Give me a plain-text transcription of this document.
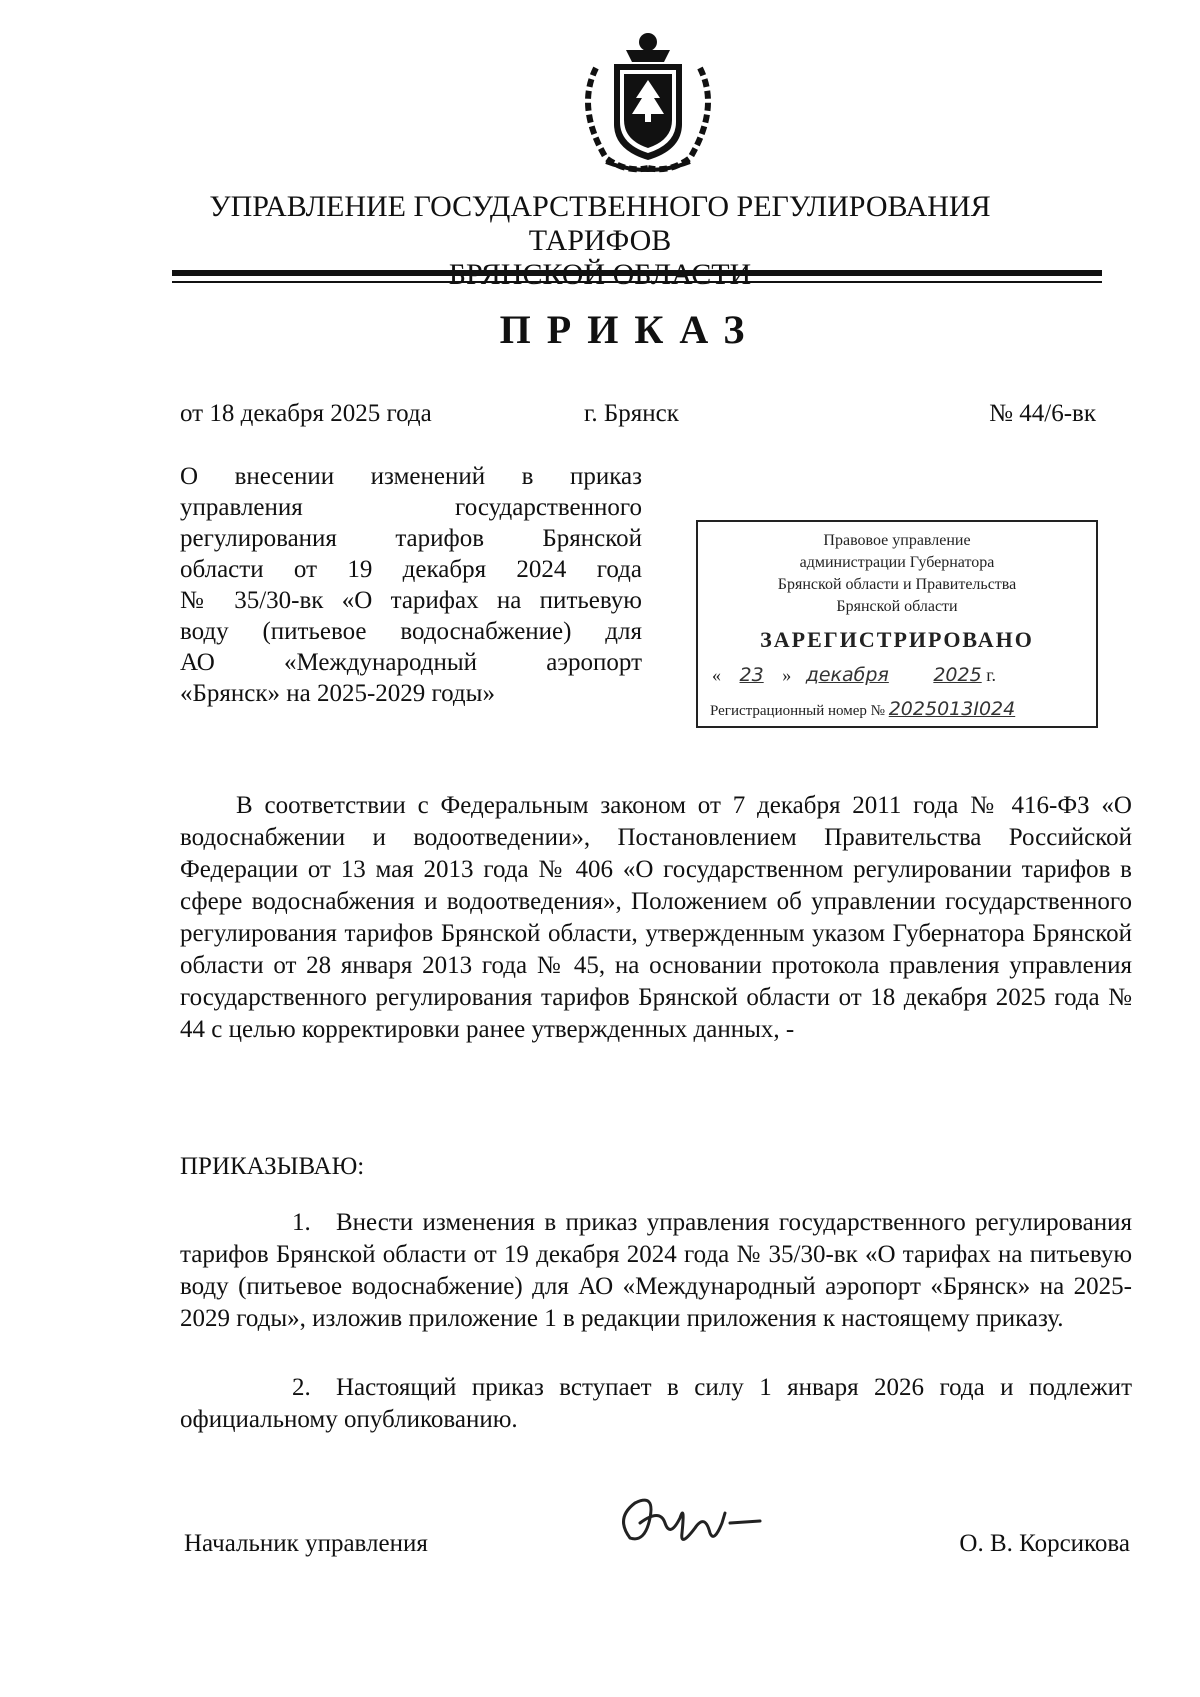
УПРАВЛЕНИЕ ГОСУДАРСТВЕННОГО РЕГУЛИРОВАНИЯ ТАРИФОВ
ПРИКАЗ
от 18 декабря 2025 года	г. Брянск	№ 44/6-вк
О внесении изменений в приказ
управления государственного
регулирования тарифов Брянской
области от 19 декабря 2024 года
№ 35/30-вк «О тарифах на питьевую
воду (питьевое водоснабжение) для
АО «Международный аэропорт
«Брянск» на 2025-2029 годы»
Правовое управление
администрации Губернатора
Брянской области и Правительства
Брянской области
ЗАРЕГИСТРИРОВАНО
« 23 » декабря 2025 г.
Регистрационный номер № 2025013I024
В соответствии с Федеральным законом от 7 декабря 2011 года № 416-ФЗ «О водоснабжении и водоотведении», Постановлением Правительства Российской Федерации от 13 мая 2013 года № 406 «О государственном регулировании тарифов в сфере водоснабжения и водоотведения», Положением об управлении государственного регулирования тарифов Брянской области, утвержденным указом Губернатора Брянской области от 28 января 2013 года № 45, на основании протокола правления управления государственного регулирования тарифов Брянской области от 18 декабря 2025 года № 44 с целью корректировки ранее утвержденных данных, -
ПРИКАЗЫВАЮ:
1. Внести изменения в приказ управления государственного регулирования тарифов Брянской области от 19 декабря 2024 года № 35/30-вк «О тарифах на питьевую воду (питьевое водоснабжение) для АО «Международный аэропорт «Брянск» на 2025-2029 годы», изложив приложение 1 в редакции приложения к настоящему приказу.
2. Настоящий приказ вступает в силу 1 января 2026 года и подлежит официальному опубликованию.
Начальник управления	О. В. Корсикова
